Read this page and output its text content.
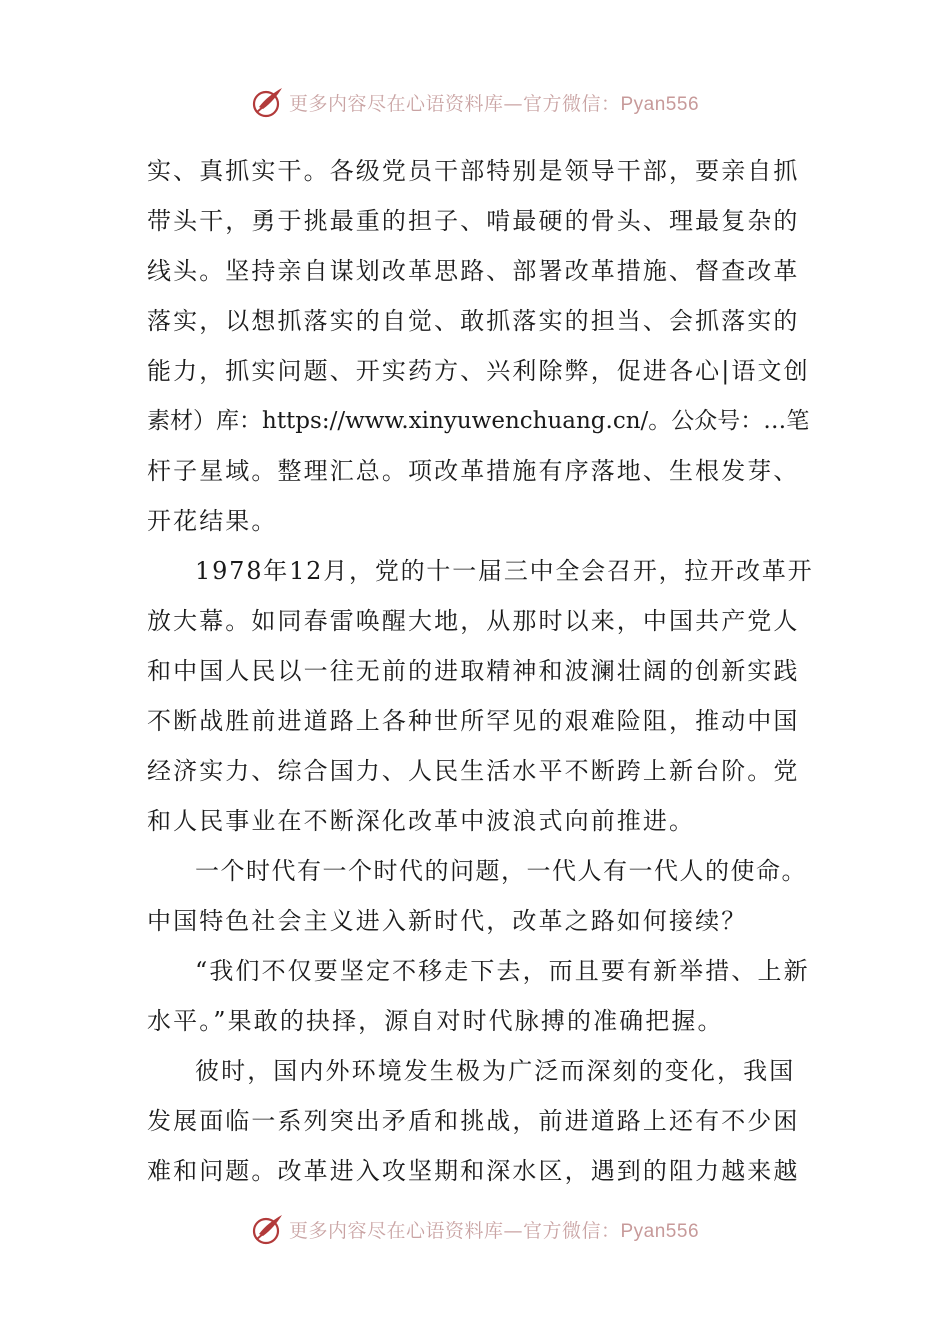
更多内容尽在心语资料库—官方微信：Pyan556
实、真抓实干。各级党员干部特别是领导干部，要亲自抓
带头干，勇于挑最重的担子、啃最硬的骨头、理最复杂的
线头。坚持亲自谋划改革思路、部署改革措施、督查改革
落实，以想抓落实的自觉、敢抓落实的担当、会抓落实的
能力，抓实问题、开实药方、兴利除弊，促进各心|语文创
素材）库：https://www.xinyuwenchuang.cn/。公众号：…笔
杆子星域。整理汇总。项改革措施有序落地、生根发芽、
开花结果。
1978年12月，党的十一届三中全会召开，拉开改革开
放大幕。如同春雷唤醒大地，从那时以来，中国共产党人
和中国人民以一往无前的进取精神和波澜壮阔的创新实践
不断战胜前进道路上各种世所罕见的艰难险阻，推动中国
经济实力、综合国力、人民生活水平不断跨上新台阶。党
和人民事业在不断深化改革中波浪式向前推进。
一个时代有一个时代的问题，一代人有一代人的使命。
中国特色社会主义进入新时代，改革之路如何接续？
“我们不仅要坚定不移走下去，而且要有新举措、上新
水平。”果敢的抉择，源自对时代脉搏的准确把握。
彼时，国内外环境发生极为广泛而深刻的变化，我国
发展面临一系列突出矛盾和挑战，前进道路上还有不少困
难和问题。改革进入攻坚期和深水区，遇到的阻力越来越
更多内容尽在心语资料库—官方微信：Pyan556
